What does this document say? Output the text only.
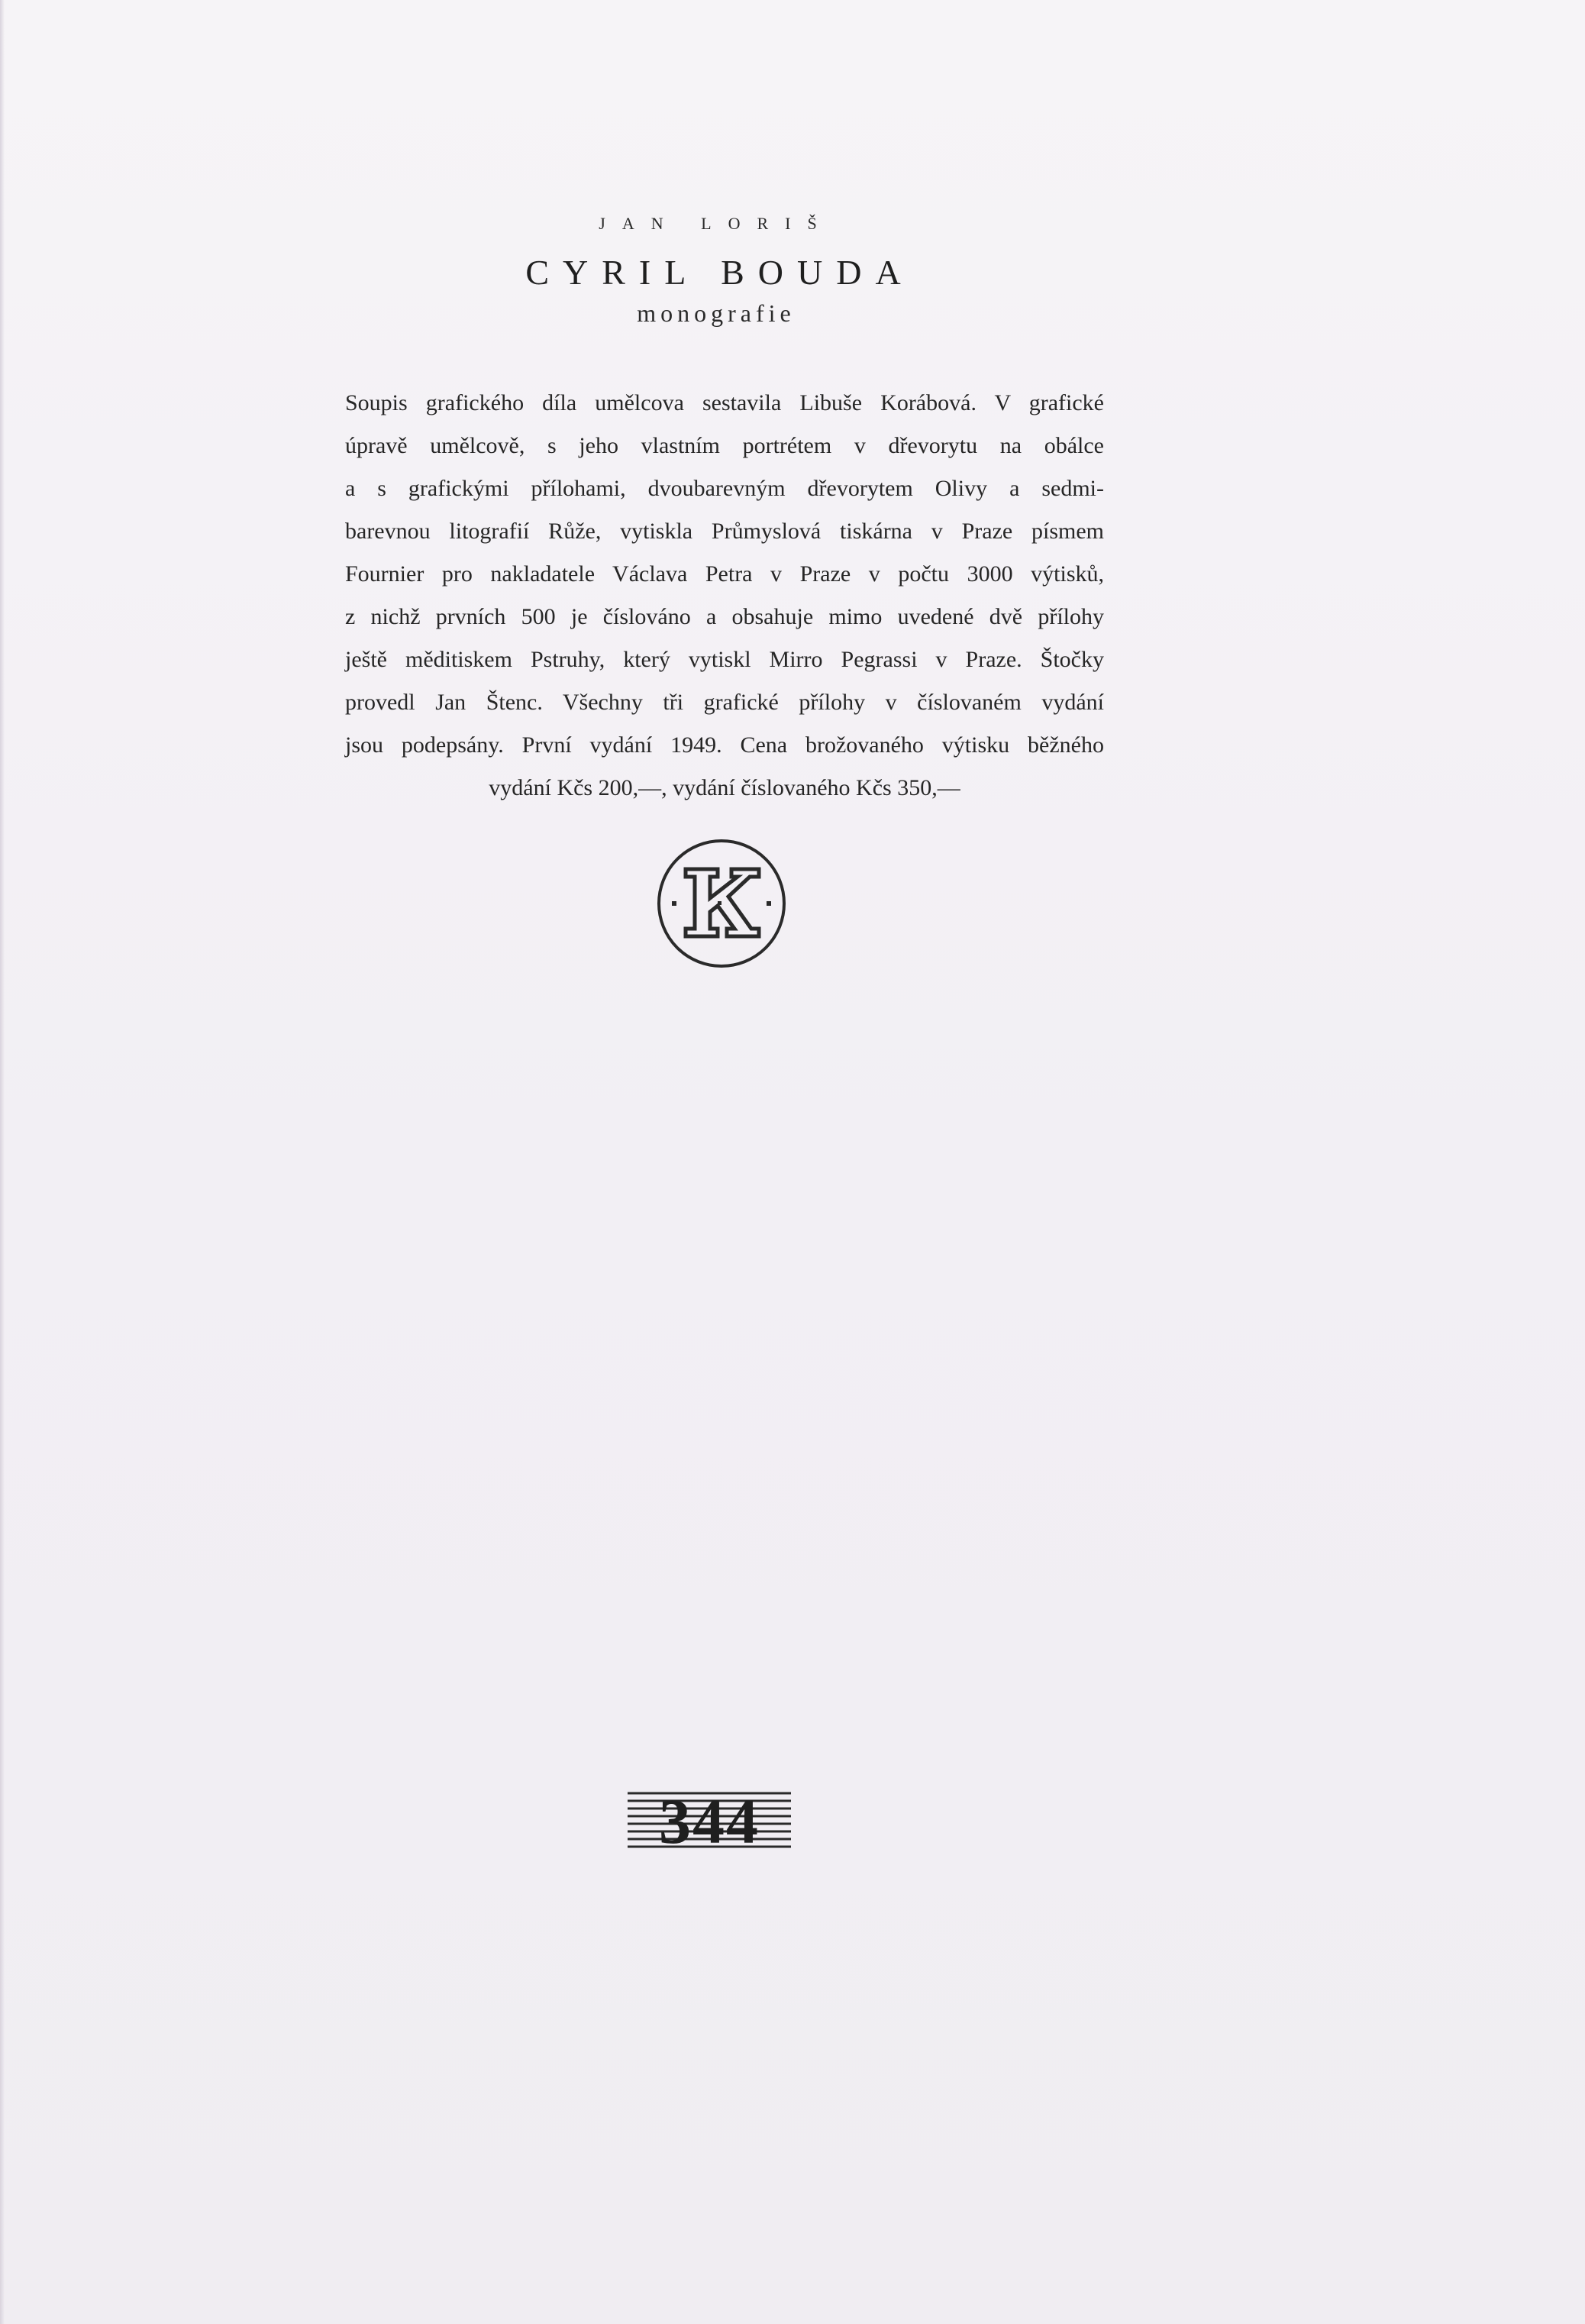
JAN LORIŠ
CYRIL BOUDA
monografie
Soupis grafického díla umělcova sestavila Libuše Korábová. V grafické
úpravě umělcově, s jeho vlastním portrétem v dřevorytu na obálce
a s grafickými přílohami, dvoubarevným dřevorytem Olivy a sedmi-
barevnou litografií Růže, vytiskla Průmyslová tiskárna v Praze písmem
Fournier pro nakladatele Václava Petra v Praze v počtu 3000 výtisků,
z nichž prvních 500 je číslováno a obsahuje mimo uvedené dvě přílohy
ještě měditiskem Pstruhy, který vytiskl Mirro Pegrassi v Praze. Štočky
provedl Jan Štenc. Všechny tři grafické přílohy v číslovaném vydání
jsou podepsány. První vydání 1949. Cena brožovaného výtisku běžného
vydání Kčs 200,—, vydání číslovaného Kčs 350,—
344
